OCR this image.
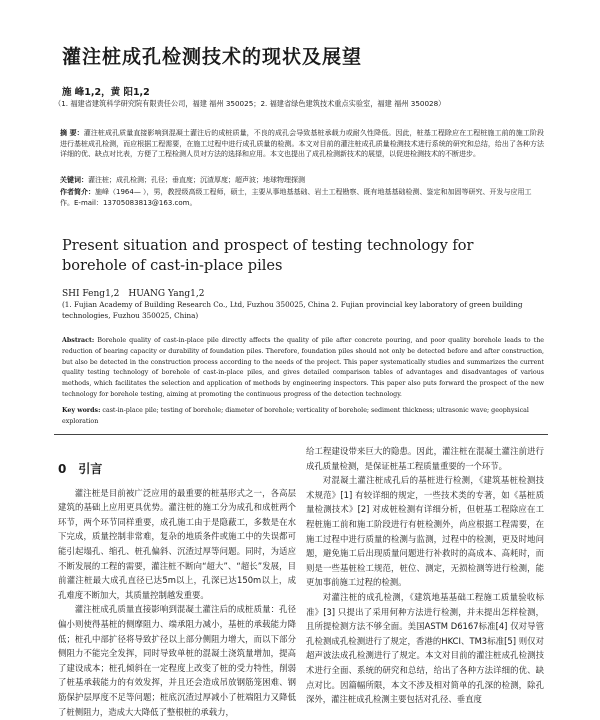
灌注桩成孔检测技术的现状及展望
施 峰1,2，黄 阳1,2
（1. 福建省建筑科学研究院有限责任公司，福建 福州 350025；2. 福建省绿色建筑技术重点实验室，福建 福州 350028）
摘 要：灌注桩成孔质量直接影响到混凝土灌注后的成桩质量，不良的成孔会导致基桩承载力或耐久性降低。因此，桩基工程除应在工程桩施工前的施工阶段进行基桩成孔检测，而应根据工程需要，在施工过程中进行成孔质量的检测。本文对目前的灌注桩成孔质量检测技术进行系统的研究和总结，给出了各种方法详细的优、缺点对比表，方便了工程检测人员对方法的选择和应用。本文也提出了成孔检测新技术的展望，以促进检测技术的不断进步。
关键词：灌注桩；成孔检测；孔径；垂直度；沉渣厚度；超声波；地球物理探测
作者简介：施峰（1964— ），男，教授级高级工程师，硕士，主要从事地基基础、岩土工程勘察、既有地基基础检测、鉴定和加固等研究、开发与应用工作。E-mail：13705083813@163.com。
Present situation and prospect of testing technology for borehole of cast-in-place piles
SHI Feng1,2　HUANG Yang1,2
(1. Fujian Academy of Building Research Co., Ltd, Fuzhou 350025, China 2. Fujian provincial key laboratory of green building technologies, Fuzhou 350025, China)
Abstract: Borehole quality of cast-in-place pile directly affects the quality of pile after concrete pouring, and poor quality borehole leads to the reduction of bearing capacity or durability of foundation piles. Therefore, foundation piles should not only be detected before and after construction, but also be detected in the construction process according to the needs of the project. This paper systematically studies and summarizes the current quality testing technology of borehole of cast-in-place piles, and gives detailed comparison tables of advantages and disadvantages of various methods, which facilitates the selection and application of methods by engineering inspectors. This paper also puts forward the prospect of the new technology for borehole testing, aiming at promoting the continuous progress of the detection technology.
Key words: cast-in-place pile; testing of borehole; diameter of borehole; verticality of borehole; sediment thickness; ultrasonic wave; geophysical exploration
0　引言

灌注桩是目前被广泛应用的最重要的桩基形式之一，各高层建筑的基础上应用更具优势。灌注桩的施工分为成孔和成桩两个环节，两个环节同样重要，成孔施工由于是隐蔽工，多数是在水下完成，质量控制非常难，复杂的地质条件或施工中的失误都可能引起塌孔、缩孔、桩孔偏斜、沉渣过厚等问题。同时，为适应不断发展的工程的需要，灌注桩不断向“超大”、“超长”发展，目前灌注桩最大成孔直径已达5m以上，孔深已达150m以上，成孔难度不断加大，其质量控制越发重要。

灌注桩成孔质量直接影响到混凝土灌注后的成桩质量：孔径偏小则使得基桩的侧摩阻力、端承阻力减小，基桩的承载能力降低；桩孔中部扩径将导致扩径以上部分侧阻力增大，而以下部分侧阻力不能完全发挥，同时导致单桩的混凝土浇筑量增加，提高了建设成本；桩孔倾斜在一定程度上改变了桩的受力特性，削弱了桩基承载能力的有效发挥，并且还会造成吊放钢筋笼困难、钢筋保护层厚度不足等问题；桩底沉渣过厚减小了桩端阻力又降低了桩侧阻力，造成大大降低了整根桩的承载力，

给工程建设带来巨大的隐患。因此，灌注桩在混凝土灌注前进行成孔质量检测，是保证桩基工程质量重要的一个环节。

对混凝土灌注桩成孔后的基桩进行检测，《建筑基桩检测技术规范》[1] 有较详细的规定，一些技术类的专著，如《基桩质量检测技术》[2] 对成桩检测有详细分析，但桩基工程除应在工程桩施工前和施工阶段进行有桩检测外，尚应根据工程需要，在施工过程中进行质量的检测与监测，过程中的检测，更及时地问题，避免施工后出现质量问题进行补救时的高成本、高耗时，而则是一些基桩检工规范，桩位、测定，无损检测等进行检测，能更加事前施工过程的检测。

对灌注桩的成孔检测，《建筑地基基础工程施工质量验收标准》[3] 只提出了采用何种方法进行检测，并未提出怎样检测，且所提检测方法不够全面。美国ASTM D6167标准[4] 仅对导管孔检测成孔检测进行了规定，香港的HKCI、TM3标准[5] 则仅对超声波法成孔检测进行了规定。本文对目前的灌注桩成孔检测技术进行全面、系统的研究和总结，给出了各种方法详细的优、缺点对比。因篇幅所限，本文不涉及相对简单的孔深的检测，除孔深外，灌注桩成孔检测主要包括对孔径、垂直度
